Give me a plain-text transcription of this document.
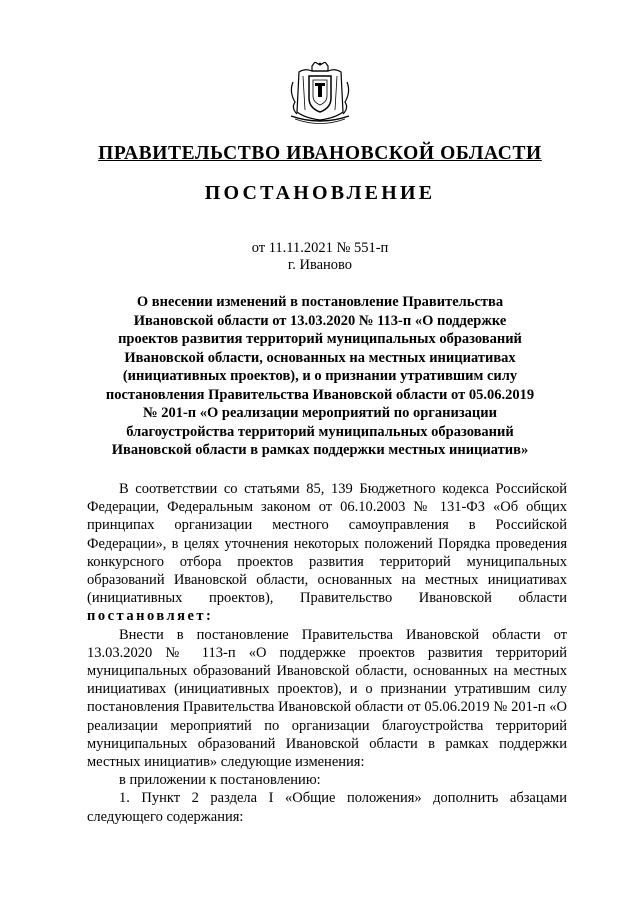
ПРАВИТЕЛЬСТВО ИВАНОВСКОЙ ОБЛАСТИ
ПОСТАНОВЛЕНИЕ
от 11.11.2021 № 551-п
г. Иваново
О внесении изменений в постановление Правительства Ивановской области от 13.03.2020 № 113-п «О поддержке проектов развития территорий муниципальных образований Ивановской области, основанных на местных инициативах (инициативных проектов), и о признании утратившим силу постановления Правительства Ивановской области от 05.06.2019 № 201-п «О реализации мероприятий по организации благоустройства территорий муниципальных образований Ивановской области в рамках поддержки местных инициатив»

В соответствии со статьями 85, 139 Бюджетного кодекса Российской Федерации, Федеральным законом от 06.10.2003 № 131-ФЗ «Об общих принципах организации местного самоуправления в Российской Федерации», в целях уточнения некоторых положений Порядка проведения конкурсного отбора проектов развития территорий муниципальных образований Ивановской области, основанных на местных инициативах (инициативных проектов), Правительство Ивановской области постановляет:

Внести в постановление Правительства Ивановской области от 13.03.2020 № 113-п «О поддержке проектов развития территорий муниципальных образований Ивановской области, основанных на местных инициативах (инициативных проектов), и о признании утратившим силу постановления Правительства Ивановской области от 05.06.2019 № 201-п «О реализации мероприятий по организации благоустройства территорий муниципальных образований Ивановской области в рамках поддержки местных инициатив» следующие изменения:

в приложении к постановлению:

1. Пункт 2 раздела I «Общие положения» дополнить абзацами следующего содержания:
